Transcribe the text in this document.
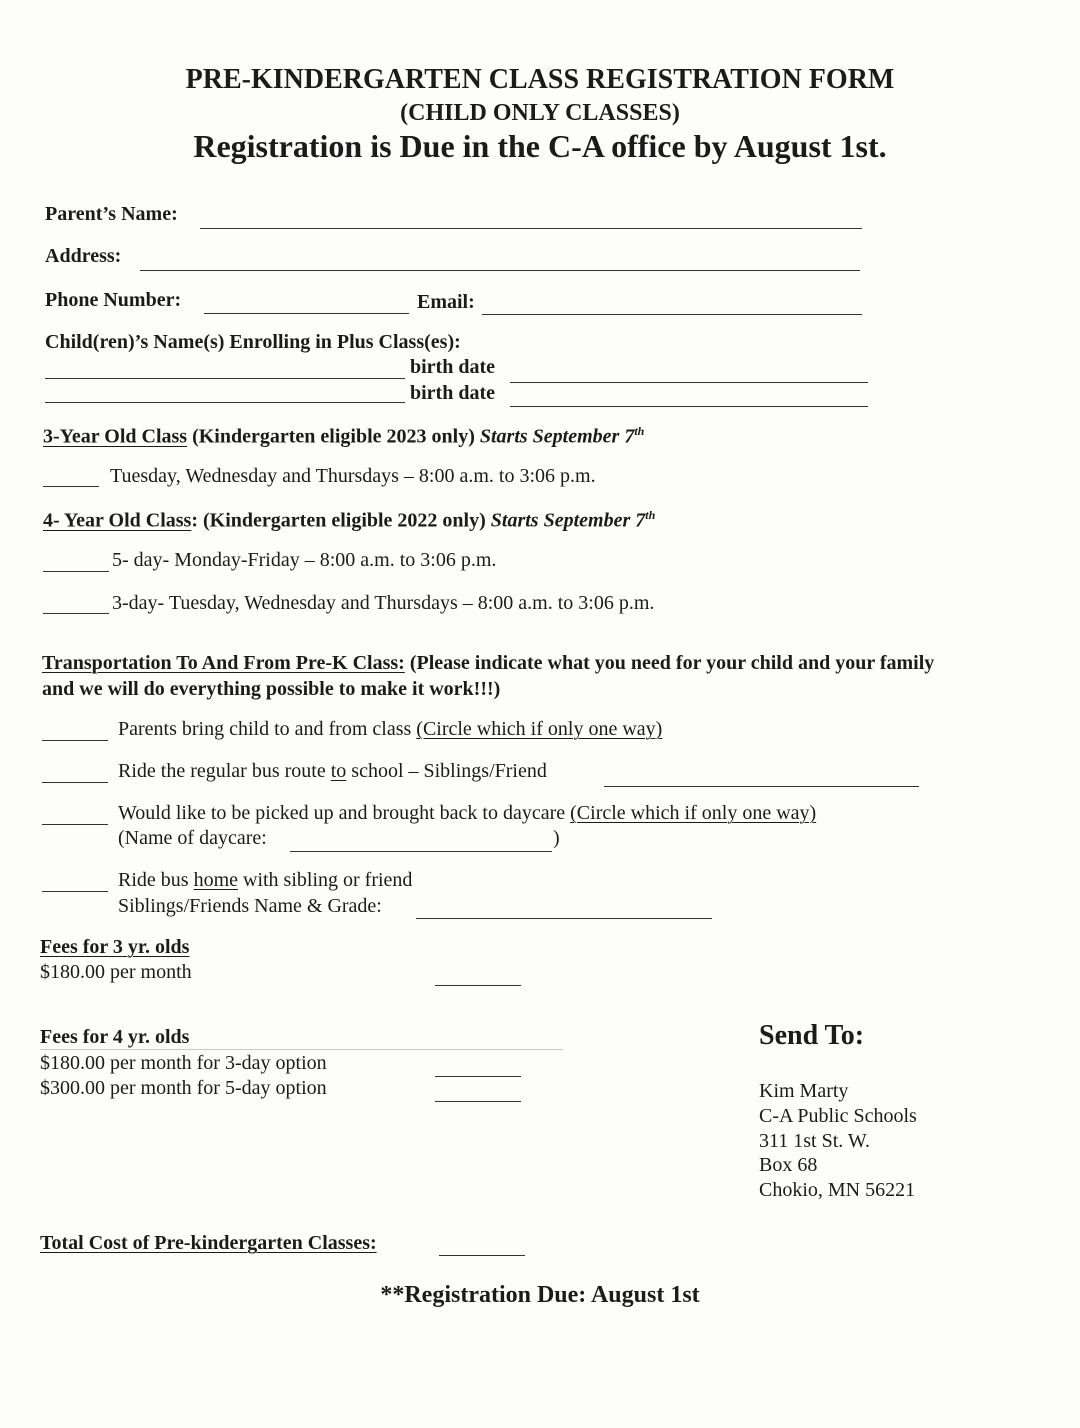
PRE-KINDERGARTEN CLASS REGISTRATION FORM
(CHILD ONLY CLASSES)
Registration is Due in the C-A office by August 1st.
Parent’s Name:
Address:
Phone Number:	Email:
Child(ren)’s Name(s) Enrolling in Plus Class(es):
birth date
birth date
3-Year Old Class (Kindergarten eligible 2023 only) Starts September 7th
Tuesday, Wednesday and Thursdays – 8:00 a.m. to 3:06 p.m.
4- Year Old Class: (Kindergarten eligible 2022 only) Starts September 7th
5- day- Monday-Friday – 8:00 a.m. to 3:06 p.m.
3-day- Tuesday, Wednesday and Thursdays – 8:00 a.m. to 3:06 p.m.
Transportation To And From Pre-K Class: (Please indicate what you need for your child and your family
and we will do everything possible to make it work!!!)
Parents bring child to and from class (Circle which if only one way)
Ride the regular bus route to school – Siblings/Friend
Would like to be picked up and brought back to daycare (Circle which if only one way)
(Name of daycare:	)
Ride bus home with sibling or friend
Siblings/Friends Name & Grade:
Fees for 3 yr. olds
$180.00 per month
Fees for 4 yr. olds
$180.00 per month for 3-day option
$300.00 per month for 5-day option
Send To:
Kim Marty
C-A Public Schools
311 1st St. W.
Box 68
Chokio, MN 56221
Total Cost of Pre-kindergarten Classes:
**Registration Due: August 1st
